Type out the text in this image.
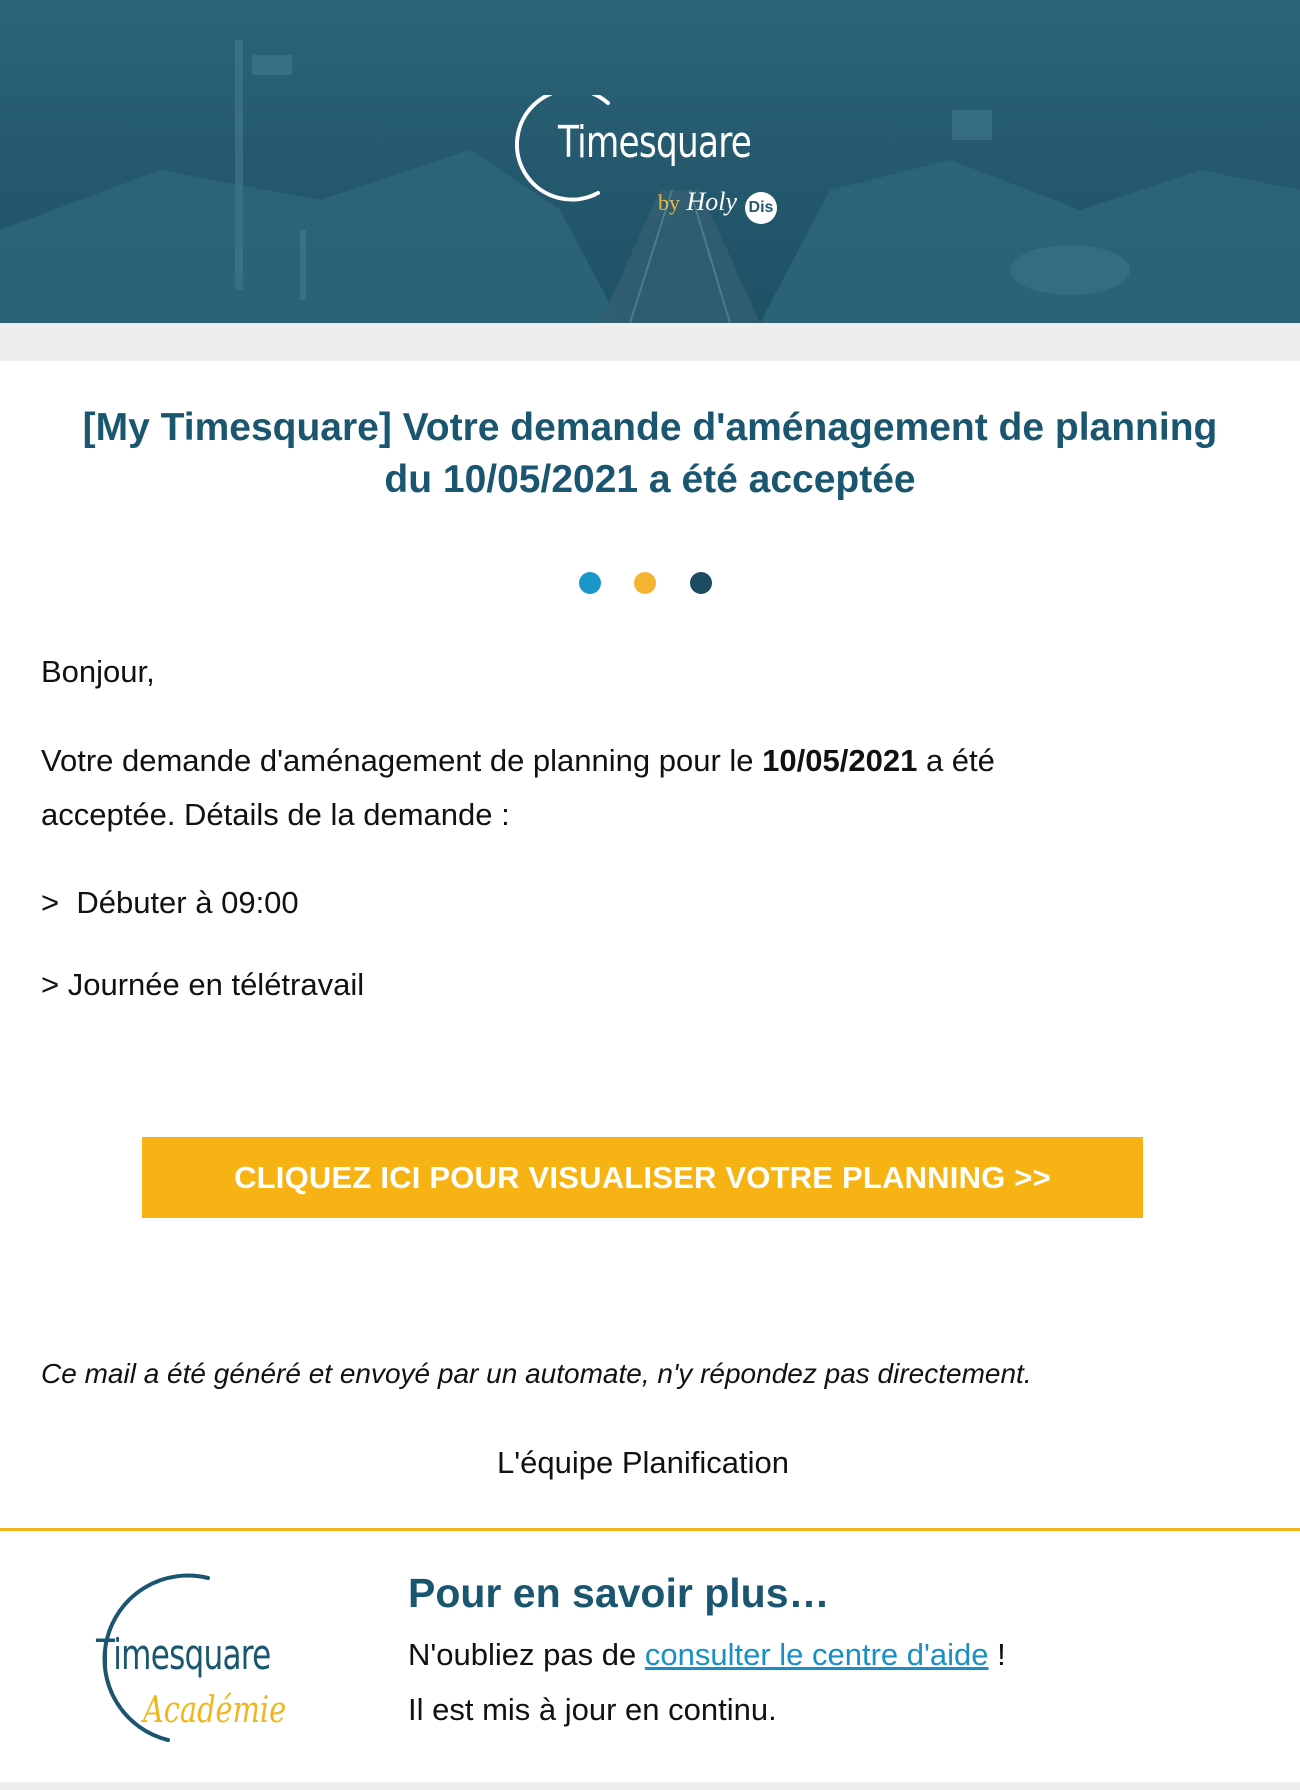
Timesquare
by Holy Dis
[My Timesquare] Votre demande d'aménagement de planning du 10/05/2021 a été acceptée
Bonjour,
Votre demande d'aménagement de planning pour le 10/05/2021 a été
acceptée. Détails de la demande :
>  Débuter à 09:00
> Journée en télétravail
CLIQUEZ ICI POUR VISUALISER VOTRE PLANNING >>
Ce mail a été généré et envoyé par un automate, n'y répondez pas directement.
L'équipe Planification
Timesquare
Académie
Pour en savoir plus…
N'oubliez pas de consulter le centre d'aide !
Il est mis à jour en continu.
